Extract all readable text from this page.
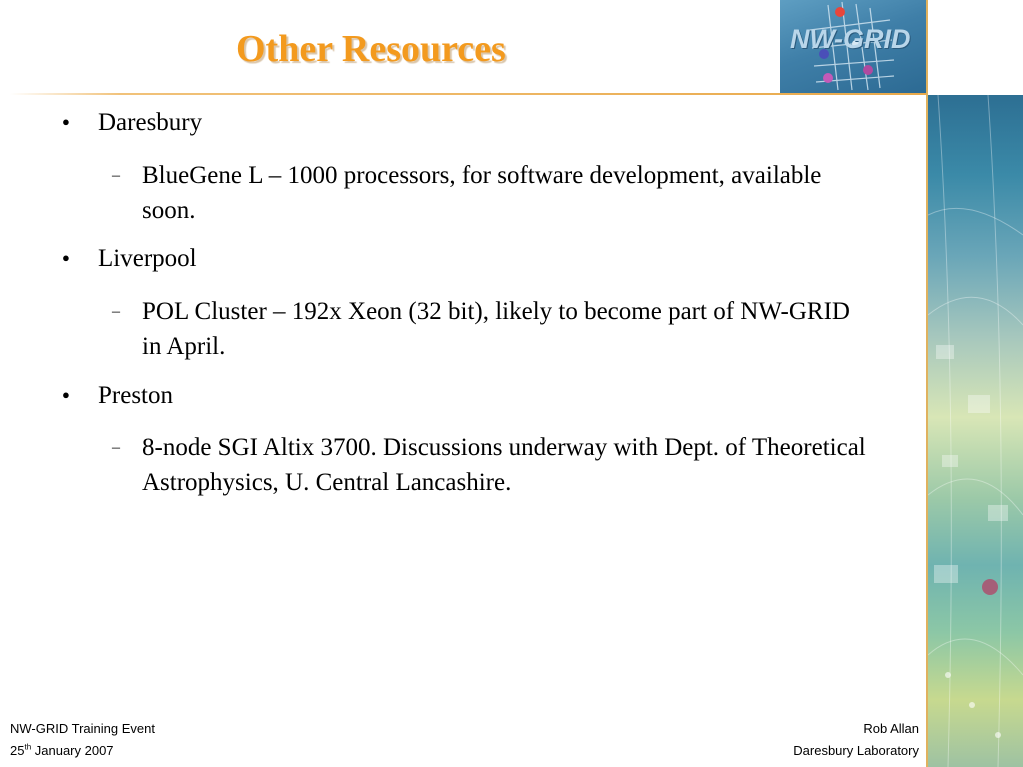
Other Resources	NW-GRID
● Daresbury
– BlueGene L – 1000 processors, for software development, available soon.
● Liverpool
– POL Cluster – 192x Xeon (32 bit), likely to become part of NW-GRID in April.
● Preston
– 8-node SGI Altix 3700. Discussions underway with Dept. of Theoretical Astrophysics, U. Central Lancashire.
NW-GRID Training Event
25th January 2007
Rob Allan
Daresbury Laboratory
